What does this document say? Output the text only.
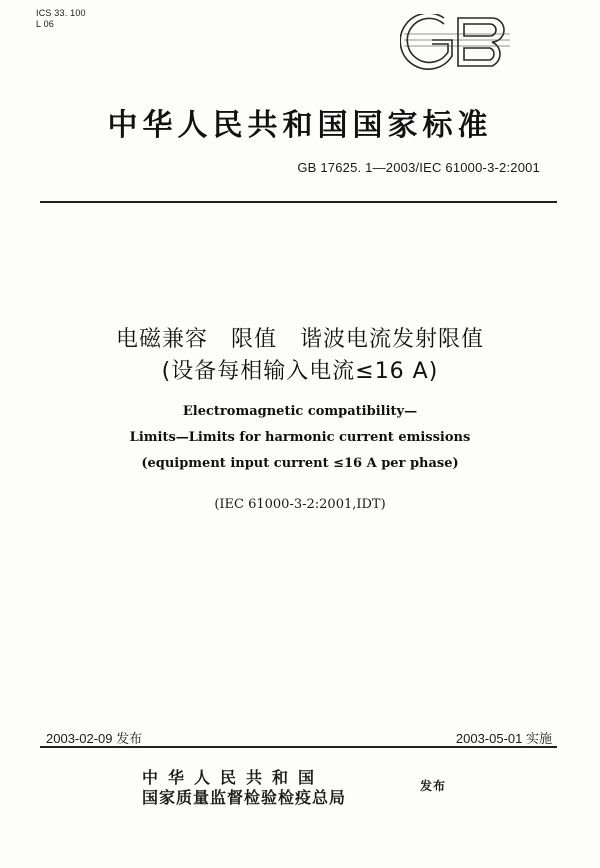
ICS 33. 100
L 06
中华人民共和国国家标准
GB 17625. 1—2003/IEC 61000-3-2:2001
电磁兼容　限值　谐波电流发射限值
(设备每相输入电流≤16 A)
Electromagnetic compatibility—
Limits—Limits for harmonic current emissions
(equipment input current ≤16 A per phase)
(IEC 61000-3-2:2001,IDT)
2003-02-09 发布	2003-05-01 实施
中华人民共和国
国家质量监督检验检疫总局
发布
